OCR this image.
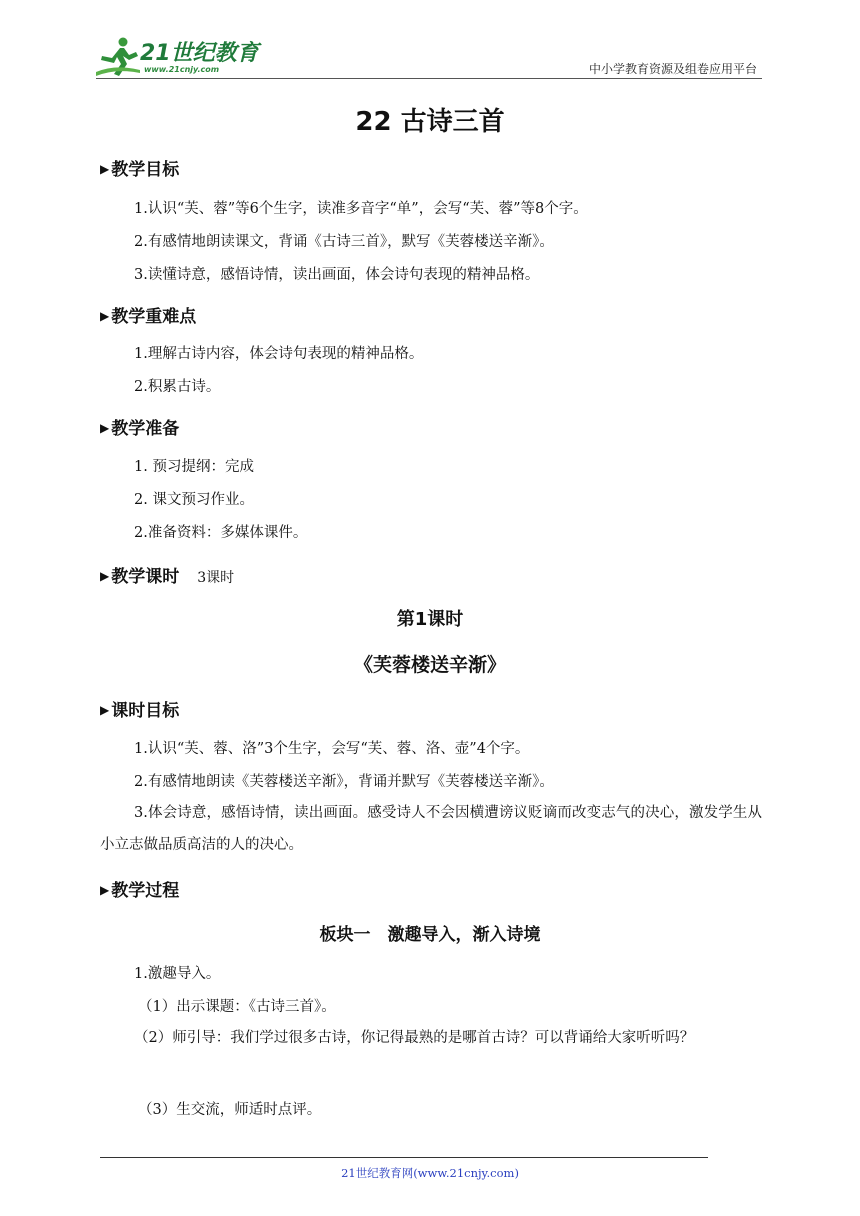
21世纪教育
www.21cnjy.com	中小学教育资源及组卷应用平台
22 古诗三首
▶ 教学目标
1.认识“芙、蓉”等6个生字，读准多音字“单”，会写“芙、蓉”等8个字。
2.有感情地朗读课文，背诵《古诗三首》，默写《芙蓉楼送辛渐》。
3.读懂诗意，感悟诗情，读出画面，体会诗句表现的精神品格。
▶ 教学重难点
1.理解古诗内容，体会诗句表现的精神品格。
2.积累古诗。
▶ 教学准备
1. 预习提纲：完成
2. 课文预习作业。
2.准备资料：多媒体课件。
▶ 教学课时 3课时
第1课时
《芙蓉楼送辛渐》
▶ 课时目标
1.认识“芙、蓉、洛”3个生字，会写“芙、蓉、洛、壶”4个字。
2.有感情地朗读《芙蓉楼送辛渐》，背诵并默写《芙蓉楼送辛渐》。
3.体会诗意，感悟诗情，读出画面。感受诗人不会因横遭谤议贬谪而改变志气的决心，激发学生从小立志做品质高洁的人的决心。
▶ 教学过程
板块一　激趣导入，渐入诗境
1.激趣导入。
（1）出示课题：《古诗三首》。
（2）师引导：我们学过很多古诗，你记得最熟的是哪首古诗？可以背诵给大家听听吗？
（3）生交流，师适时点评。
21世纪教育网(www.21cnjy.com)
